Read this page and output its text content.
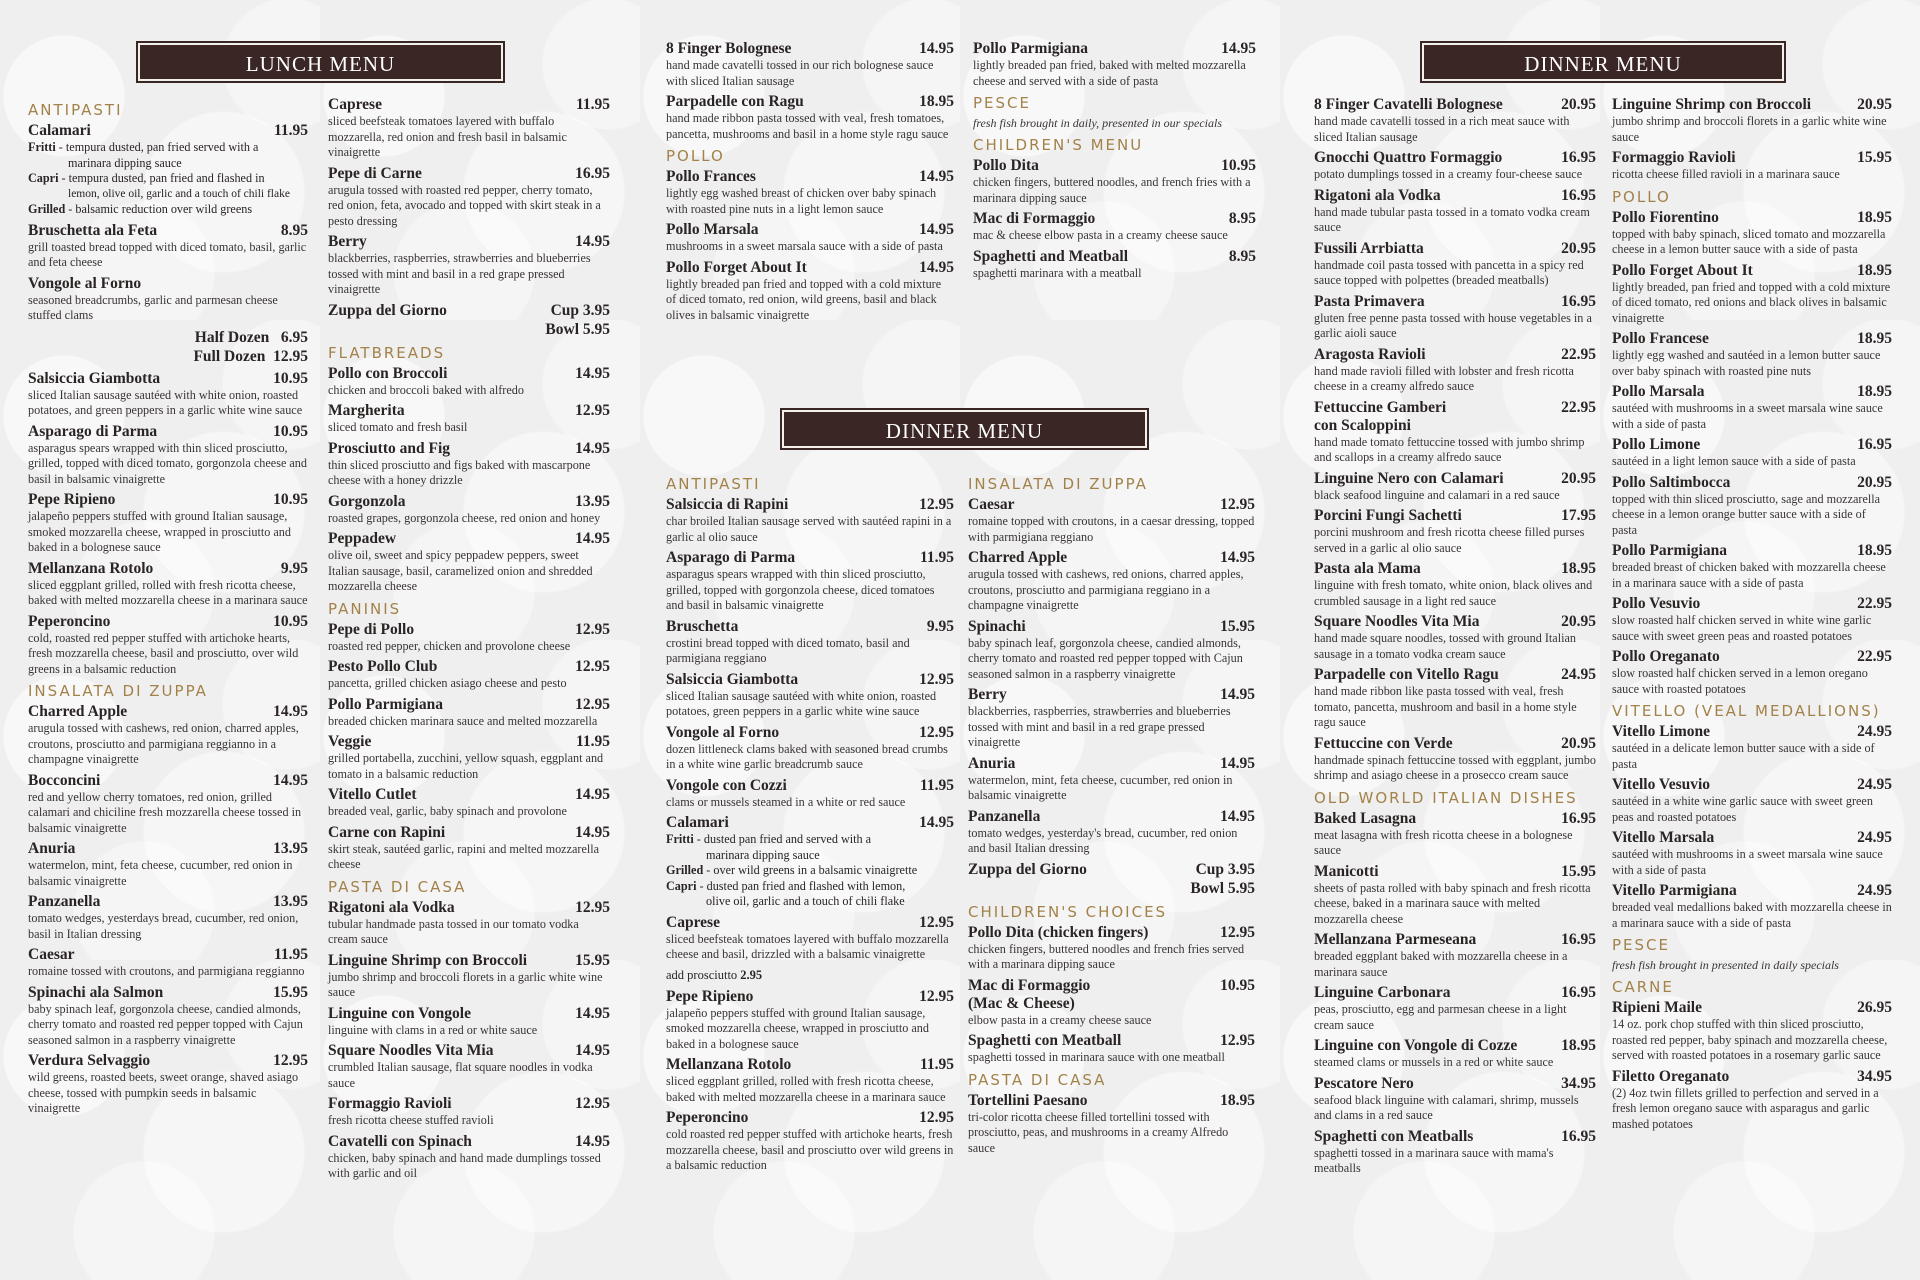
LUNCH MENU
DINNER MENU
DINNER MENU
ANTIPASTI
Calamari	11.95
Fritti - tempura dusted, pan fried served with a
marinara dipping sauce
Capri - tempura dusted, pan fried and flashed in
lemon, olive oil, garlic and a touch of chili flake
Grilled - balsamic reduction over wild greens
Bruschetta ala Feta	8.95
grill toasted bread topped with diced tomato, basil, garlic and feta cheese
Vongole al Forno
seasoned breadcrumbs, garlic and parmesan cheese stuffed clams
Half Dozen 6.95
Full Dozen 12.95
Salsiccia Giambotta	10.95
sliced Italian sausage sautéed with white onion, roasted potatoes, and green peppers in a garlic white wine sauce
Asparago di Parma	10.95
asparagus spears wrapped with thin sliced prosciutto, grilled, topped with diced tomato, gorgonzola cheese and basil in balsamic vinaigrette
Pepe Ripieno	10.95
jalapeño peppers stuffed with ground Italian sausage, smoked mozzarella cheese, wrapped in prosciutto and baked in a bolognese sauce
Mellanzana Rotolo	9.95
sliced eggplant grilled, rolled with fresh ricotta cheese, baked with melted mozzarella cheese in a marinara sauce
Peperoncino	10.95
cold, roasted red pepper stuffed with artichoke hearts, fresh mozzarella cheese, basil and prosciutto, over wild greens in a balsamic reduction
INSALATA DI ZUPPA
Charred Apple	14.95
arugula tossed with cashews, red onion, charred apples, croutons, prosciutto and parmigiana reggianno in a champagne vinaigrette
Bocconcini	14.95
red and yellow cherry tomatoes, red onion, grilled calamari and chiciline fresh mozzarella cheese tossed in balsamic vinaigrette
Anuria	13.95
watermelon, mint, feta cheese, cucumber, red onion in balsamic vinaigrette
Panzanella	13.95
tomato wedges, yesterdays bread, cucumber, red onion, basil in Italian dressing
Caesar	11.95
romaine tossed with croutons, and parmigiana reggianno
Spinachi ala Salmon	15.95
baby spinach leaf, gorgonzola cheese, candied almonds, cherry tomato and roasted red pepper topped with Cajun seasoned salmon in a raspberry vinaigrette
Verdura Selvaggio	12.95
wild greens, roasted beets, sweet orange, shaved asiago cheese, tossed with pumpkin seeds in balsamic vinaigrette
Caprese	11.95
sliced beefsteak tomatoes layered with buffalo mozzarella, red onion and fresh basil in balsamic vinaigrette
Pepe di Carne	16.95
arugula tossed with roasted red pepper, cherry tomato, red onion, feta, avocado and topped with skirt steak in a pesto dressing
Berry	14.95
blackberries, raspberries, strawberries and blueberries tossed with mint and basil in a red grape pressed vinaigrette
Zuppa del Giorno	Cup 3.95
Bowl 5.95
FLATBREADS
Pollo con Broccoli	14.95
chicken and broccoli baked with alfredo
Margherita	12.95
sliced tomato and fresh basil
Prosciutto and Fig	14.95
thin sliced prosciutto and figs baked with mascarpone cheese with a honey drizzle
Gorgonzola	13.95
roasted grapes, gorgonzola cheese, red onion and honey
Peppadew	14.95
olive oil, sweet and spicy peppadew peppers, sweet Italian sausage, basil, caramelized onion and shredded mozzarella cheese
PANINIS
Pepe di Pollo	12.95
roasted red pepper, chicken and provolone cheese
Pesto Pollo Club	12.95
pancetta, grilled chicken asiago cheese and pesto
Pollo Parmigiana	12.95
breaded chicken marinara sauce and melted mozzarella
Veggie	11.95
grilled portabella, zucchini, yellow squash, eggplant and tomato in a balsamic reduction
Vitello Cutlet	14.95
breaded veal, garlic, baby spinach and provolone
Carne con Rapini	14.95
skirt steak, sautéed garlic, rapini and melted mozzarella cheese
PASTA DI CASA
Rigatoni ala Vodka	12.95
tubular handmade pasta tossed in our tomato vodka cream sauce
Linguine Shrimp con Broccoli	15.95
jumbo shrimp and broccoli florets in a garlic white wine sauce
Linguine con Vongole	14.95
linguine with clams in a red or white sauce
Square Noodles Vita Mia	14.95
crumbled Italian sausage, flat square noodles in vodka sauce
Formaggio Ravioli	12.95
fresh ricotta cheese stuffed ravioli
Cavatelli con Spinach	14.95
chicken, baby spinach and hand made dumplings tossed with garlic and oil
8 Finger Bolognese	14.95
hand made cavatelli tossed in our rich bolognese sauce with sliced Italian sausage
Parpadelle con Ragu	18.95
hand made ribbon pasta tossed with veal, fresh tomatoes, pancetta, mushrooms and basil in a home style ragu sauce
POLLO
Pollo Frances	14.95
lightly egg washed breast of chicken over baby spinach with roasted pine nuts in a light lemon sauce
Pollo Marsala	14.95
mushrooms in a sweet marsala sauce with a side of pasta
Pollo Forget About It	14.95
lightly breaded pan fried and topped with a cold mixture of diced tomato, red onion, wild greens, basil and black olives in balsamic vinaigrette
Pollo Parmigiana	14.95
lightly breaded pan fried, baked with melted mozzarella cheese and served with a side of pasta
PESCE
fresh fish brought in daily, presented in our specials
CHILDREN'S MENU
Pollo Dita	10.95
chicken fingers, buttered noodles, and french fries with a marinara dipping sauce
Mac di Formaggio	8.95
mac & cheese elbow pasta in a creamy cheese sauce
Spaghetti and Meatball	8.95
spaghetti marinara with a meatball
ANTIPASTI
Salsiccia di Rapini	12.95
char broiled Italian sausage served with sautéed rapini in a garlic al olio sauce
Asparago di Parma	11.95
asparagus spears wrapped with thin sliced prosciutto, grilled, topped with gorgonzola cheese, diced tomatoes and basil in balsamic vinaigrette
Bruschetta	9.95
crostini bread topped with diced tomato, basil and parmigiana reggiano
Salsiccia Giambotta	12.95
sliced Italian sausage sautéed with white onion, roasted potatoes, green peppers in a garlic white wine sauce
Vongole al Forno	12.95
dozen littleneck clams baked with seasoned bread crumbs in a white wine garlic breadcrumb sauce
Vongole con Cozzi	11.95
clams or mussels steamed in a white or red sauce
Calamari	14.95
Fritti - dusted pan fried and served with a
marinara dipping sauce
Grilled - over wild greens in a balsamic vinaigrette
Capri - dusted pan fried and flashed with lemon,
olive oil, garlic and a touch of chili flake
Caprese	12.95
sliced beefsteak tomatoes layered with buffalo mozzarella cheese and basil, drizzled with a balsamic vinaigrette
add prosciutto 2.95
Pepe Ripieno	12.95
jalapeño peppers stuffed with ground Italian sausage, smoked mozzarella cheese, wrapped in prosciutto and baked in a bolognese sauce
Mellanzana Rotolo	11.95
sliced eggplant grilled, rolled with fresh ricotta cheese, baked with melted mozzarella cheese in a marinara sauce
Peperoncino	12.95
cold roasted red pepper stuffed with artichoke hearts, fresh mozzarella cheese, basil and prosciutto over wild greens in a balsamic reduction
INSALATA DI ZUPPA
Caesar	12.95
romaine topped with croutons, in a caesar dressing, topped with parmigiana reggiano
Charred Apple	14.95
arugula tossed with cashews, red onions, charred apples, croutons, prosciutto and parmigiana reggiano in a champagne vinaigrette
Spinachi	15.95
baby spinach leaf, gorgonzola cheese, candied almonds, cherry tomato and roasted red pepper topped with Cajun seasoned salmon in a raspberry vinaigrette
Berry	14.95
blackberries, raspberries, strawberries and blueberries tossed with mint and basil in a red grape pressed vinaigrette
Anuria	14.95
watermelon, mint, feta cheese, cucumber, red onion in balsamic vinaigrette
Panzanella	14.95
tomato wedges, yesterday's bread, cucumber, red onion and basil Italian dressing
Zuppa del Giorno	Cup 3.95
Bowl 5.95
CHILDREN'S CHOICES
Pollo Dita (chicken fingers)	12.95
chicken fingers, buttered noodles and french fries served with a marinara dipping sauce
Mac di Formaggio	10.95
(Mac & Cheese)
elbow pasta in a creamy cheese sauce
Spaghetti con Meatball	12.95
spaghetti tossed in marinara sauce with one meatball
PASTA DI CASA
Tortellini Paesano	18.95
tri-color ricotta cheese filled tortellini tossed with prosciutto, peas, and mushrooms in a creamy Alfredo sauce
8 Finger Cavatelli Bolognese	20.95
hand made cavatelli tossed in a rich meat sauce with sliced Italian sausage
Gnocchi Quattro Formaggio	16.95
potato dumplings tossed in a creamy four-cheese sauce
Rigatoni ala Vodka	16.95
hand made tubular pasta tossed in a tomato vodka cream sauce
Fussili Arrbiatta	20.95
handmade coil pasta tossed with pancetta in a spicy red sauce topped with polpettes (breaded meatballs)
Pasta Primavera	16.95
gluten free penne pasta tossed with house vegetables in a garlic aioli sauce
Aragosta Ravioli	22.95
hand made ravioli filled with lobster and fresh ricotta cheese in a creamy alfredo sauce
Fettuccine Gamberi	22.95
con Scaloppini
hand made tomato fettuccine tossed with jumbo shrimp and scallops in a creamy alfredo sauce
Linguine Nero con Calamari	20.95
black seafood linguine and calamari in a red sauce
Porcini Fungi Sachetti	17.95
porcini mushroom and fresh ricotta cheese filled purses served in a garlic al olio sauce
Pasta ala Mama	18.95
linguine with fresh tomato, white onion, black olives and crumbled sausage in a light red sauce
Square Noodles Vita Mia	20.95
hand made square noodles, tossed with ground Italian sausage in a tomato vodka cream sauce
Parpadelle con Vitello Ragu	24.95
hand made ribbon like pasta tossed with veal, fresh tomato, pancetta, mushroom and basil in a home style ragu sauce
Fettuccine con Verde	20.95
handmade spinach fettuccine tossed with eggplant, jumbo shrimp and asiago cheese in a prosecco cream sauce
OLD WORLD ITALIAN DISHES
Baked Lasagna	16.95
meat lasagna with fresh ricotta cheese in a bolognese sauce
Manicotti	15.95
sheets of pasta rolled with baby spinach and fresh ricotta cheese, baked in a marinara sauce with melted mozzarella cheese
Mellanzana Parmeseana	16.95
breaded eggplant baked with mozzarella cheese in a marinara sauce
Linguine Carbonara	16.95
peas, prosciutto, egg and parmesan cheese in a light cream sauce
Linguine con Vongole di Cozze	18.95
steamed clams or mussels in a red or white sauce
Pescatore Nero	34.95
seafood black linguine with calamari, shrimp, mussels and clams in a red sauce
Spaghetti con Meatballs	16.95
spaghetti tossed in a marinara sauce with mama's meatballs
Linguine Shrimp con Broccoli	20.95
jumbo shrimp and broccoli florets in a garlic white wine sauce
Formaggio Ravioli	15.95
ricotta cheese filled ravioli in a marinara sauce
POLLO
Pollo Fiorentino	18.95
topped with baby spinach, sliced tomato and mozzarella cheese in a lemon butter sauce with a side of pasta
Pollo Forget About It	18.95
lightly breaded, pan fried and topped with a cold mixture of diced tomato, red onions and black olives in balsamic vinaigrette
Pollo Francese	18.95
lightly egg washed and sautéed in a lemon butter sauce over baby spinach with roasted pine nuts
Pollo Marsala	18.95
sautéed with mushrooms in a sweet marsala wine sauce with a side of pasta
Pollo Limone	16.95
sautéed in a light lemon sauce with a side of pasta
Pollo Saltimbocca	20.95
topped with thin sliced prosciutto, sage and mozzarella cheese in a lemon orange butter sauce with a side of pasta
Pollo Parmigiana	18.95
breaded breast of chicken baked with mozzarella cheese in a marinara sauce with a side of pasta
Pollo Vesuvio	22.95
slow roasted half chicken served in white wine garlic sauce with sweet green peas and roasted potatoes
Pollo Oreganato	22.95
slow roasted half chicken served in a lemon oregano sauce with roasted potatoes
VITELLO (VEAL MEDALLIONS)
Vitello Limone	24.95
sautéed in a delicate lemon butter sauce with a side of pasta
Vitello Vesuvio	24.95
sautéed in a white wine garlic sauce with sweet green peas and roasted potatoes
Vitello Marsala	24.95
sautéed with mushrooms in a sweet marsala wine sauce with a side of pasta
Vitello Parmigiana	24.95
breaded veal medallions baked with mozzarella cheese in a marinara sauce with a side of pasta
PESCE
fresh fish brought in presented in daily specials
CARNE
Ripieni Maile	26.95
14 oz. pork chop stuffed with thin sliced prosciutto, roasted red pepper, baby spinach and mozzarella cheese, served with roasted potatoes in a rosemary garlic sauce
Filetto Oreganato	34.95
(2) 4oz twin fillets grilled to perfection and served in a fresh lemon oregano sauce with asparagus and garlic mashed potatoes
